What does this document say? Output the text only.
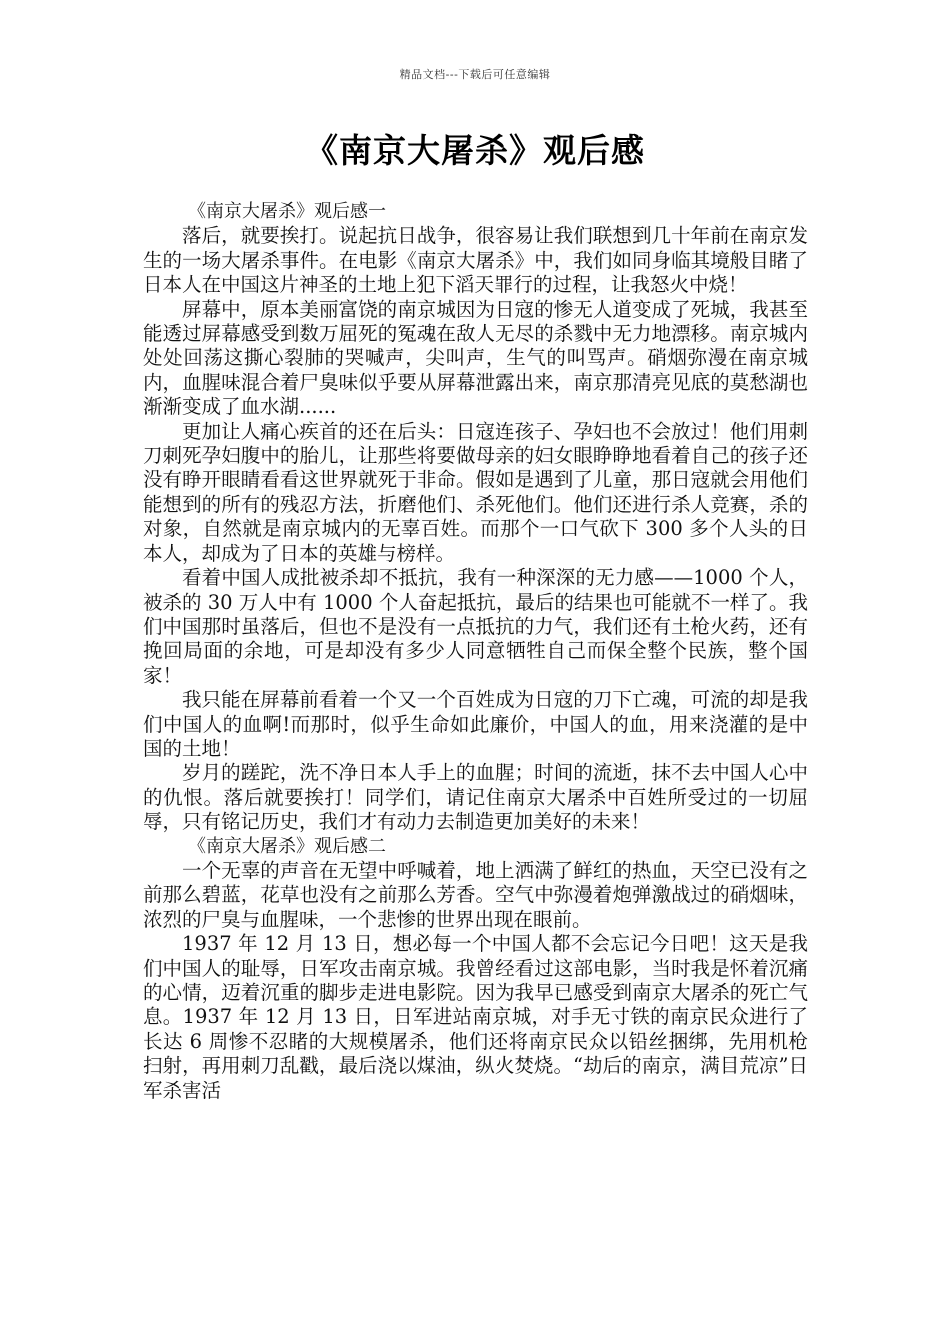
精品文档---下载后可任意编辑
《南京大屠杀》观后感
《南京大屠杀》观后感一

落后，就要挨打。说起抗日战争，很容易让我们联想到几十年前在南京发生的一场大屠杀事件。在电影《南京大屠杀》中，我们如同身临其境般目睹了日本人在中国这片神圣的土地上犯下滔天罪行的过程，让我怒火中烧！

屏幕中，原本美丽富饶的南京城因为日寇的惨无人道变成了死城，我甚至能透过屏幕感受到数万屈死的冤魂在敌人无尽的杀戮中无力地漂移。南京城内处处回荡这撕心裂肺的哭喊声，尖叫声，生气的叫骂声。硝烟弥漫在南京城内，血腥味混合着尸臭味似乎要从屏幕泄露出来，南京那清亮见底的莫愁湖也渐渐变成了血水湖......

更加让人痛心疾首的还在后头：日寇连孩子、孕妇也不会放过！他们用刺刀刺死孕妇腹中的胎儿，让那些将要做母亲的妇女眼睁睁地看着自己的孩子还没有睁开眼睛看看这世界就死于非命。假如是遇到了儿童，那日寇就会用他们能想到的所有的残忍方法，折磨他们、杀死他们。他们还进行杀人竞赛，杀的对象，自然就是南京城内的无辜百姓。而那个一口气砍下 300 多个人头的日本人，却成为了日本的英雄与榜样。

看着中国人成批被杀却不抵抗，我有一种深深的无力感——1000 个人，被杀的 30 万人中有 1000 个人奋起抵抗，最后的结果也可能就不一样了。我们中国那时虽落后，但也不是没有一点抵抗的力气，我们还有土枪火药，还有挽回局面的余地，可是却没有多少人同意牺牲自己而保全整个民族，整个国家！

我只能在屏幕前看着一个又一个百姓成为日寇的刀下亡魂，可流的却是我们中国人的血啊!而那时，似乎生命如此廉价，中国人的血，用来浇灌的是中国的土地！

岁月的蹉跎，洗不净日本人手上的血腥；时间的流逝，抹不去中国人心中的仇恨。落后就要挨打！同学们，请记住南京大屠杀中百姓所受过的一切屈辱，只有铭记历史，我们才有动力去制造更加美好的未来！

《南京大屠杀》观后感二

一个无辜的声音在无望中呼喊着，地上洒满了鲜红的热血，天空已没有之前那么碧蓝，花草也没有之前那么芳香。空气中弥漫着炮弹激战过的硝烟味，浓烈的尸臭与血腥味，一个悲惨的世界出现在眼前。

1937 年 12 月 13 日，想必每一个中国人都不会忘记今日吧！这天是我们中国人的耻辱，日军攻击南京城。我曾经看过这部电影，当时我是怀着沉痛的心情，迈着沉重的脚步走进电影院。因为我早已感受到南京大屠杀的死亡气息。1937 年 12 月 13 日，日军进站南京城，对手无寸铁的南京民众进行了长达 6 周惨不忍睹的大规模屠杀，他们还将南京民众以铅丝捆绑，先用机枪扫射，再用刺刀乱戳，最后浇以煤油，纵火焚烧。“劫后的南京，满目荒凉”日军杀害活
